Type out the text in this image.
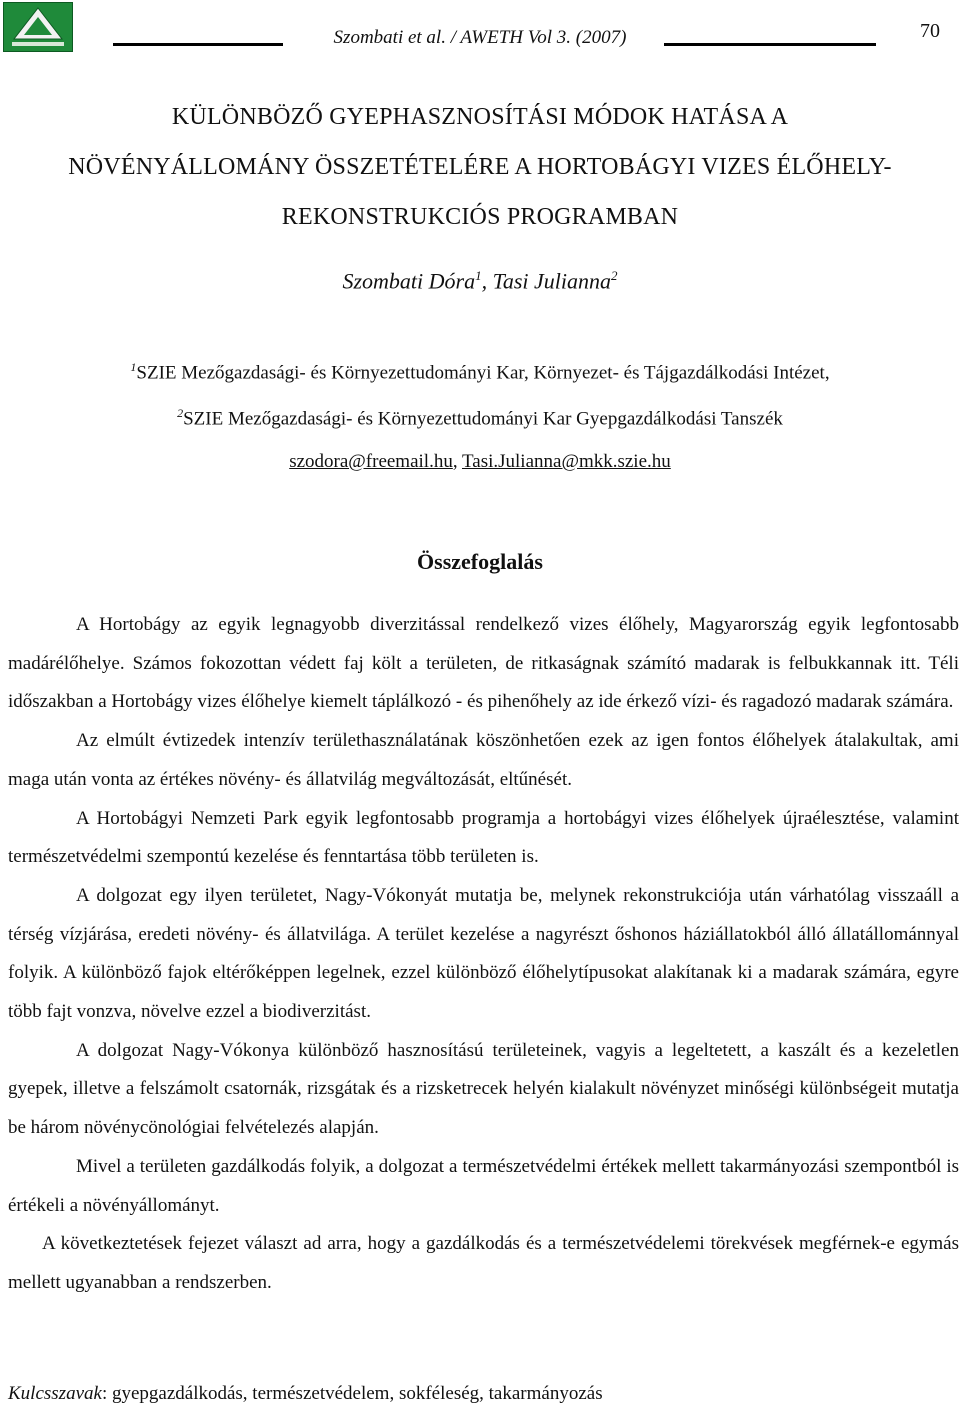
Szombati et al. / AWETH Vol 3. (2007)	70
KÜLÖNBÖZŐ GYEPHASZNOSÍTÁSI MÓDOK HATÁSA A
NÖVÉNYÁLLOMÁNY ÖSSZETÉTELÉRE A HORTOBÁGYI VIZES ÉLŐHELY-
REKONSTRUKCIÓS PROGRAMBAN
Szombati Dóra$^1$, Tasi Julianna$^2$
$^1$SZIE Mezőgazdasági- és Környezettudományi Kar, Környezet- és Tájgazdálkodási Intézet,
$^2$SZIE Mezőgazdasági- és Környezettudományi Kar Gyepgazdálkodási Tanszék
szodora@freemail.hu, Tasi.Julianna@mkk.szie.hu
Összefoglalás

A Hortobágy az egyik legnagyobb diverzitással rendelkező vizes élőhely, Magyarország egyik legfontosabb madárélőhelye. Számos fokozottan védett faj költ a területen, de ritkaságnak számító madarak is felbukkannak itt. Téli időszakban a Hortobágy vizes élőhelye kiemelt táplálkozó - és pihenőhely az ide érkező vízi- és ragadozó madarak számára.

Az elmúlt évtizedek intenzív területhasználatának köszönhetően ezek az igen fontos élőhelyek átalakultak, ami maga után vonta az értékes növény- és állatvilág megváltozását, eltűnését.

A Hortobágyi Nemzeti Park egyik legfontosabb programja a hortobágyi vizes élőhelyek újraélesztése, valamint természetvédelmi szempontú kezelése és fenntartása több területen is.

A dolgozat egy ilyen területet, Nagy-Vókonyát mutatja be, melynek rekonstrukciója után várhatólag visszaáll a térség vízjárása, eredeti növény- és állatvilága. A terület kezelése a nagyrészt őshonos háziállatokból álló állatállománnyal folyik. A különböző fajok eltérőképpen legelnek, ezzel különböző élőhelytípusokat alakítanak ki a madarak számára, egyre több fajt vonzva, növelve ezzel a biodiverzitást.

A dolgozat Nagy-Vókonya különböző hasznosítású területeinek, vagyis a legeltetett, a kaszált és a kezeletlen gyepek, illetve a felszámolt csatornák, rizsgátak és a rizsketrecek helyén kialakult növényzet minőségi különbségeit mutatja be három növénycönológiai felvételezés alapján.

Mivel a területen gazdálkodás folyik, a dolgozat a természetvédelmi értékek mellett takarmányozási szempontból is értékeli a növényállományt.

A következtetések fejezet választ ad arra, hogy a gazdálkodás és a természetvédelemi törekvések megférnek-e egymás mellett ugyanabban a rendszerben.

Kulcsszavak: gyepgazdálkodás, természetvédelem, sokféleség, takarmányozás
